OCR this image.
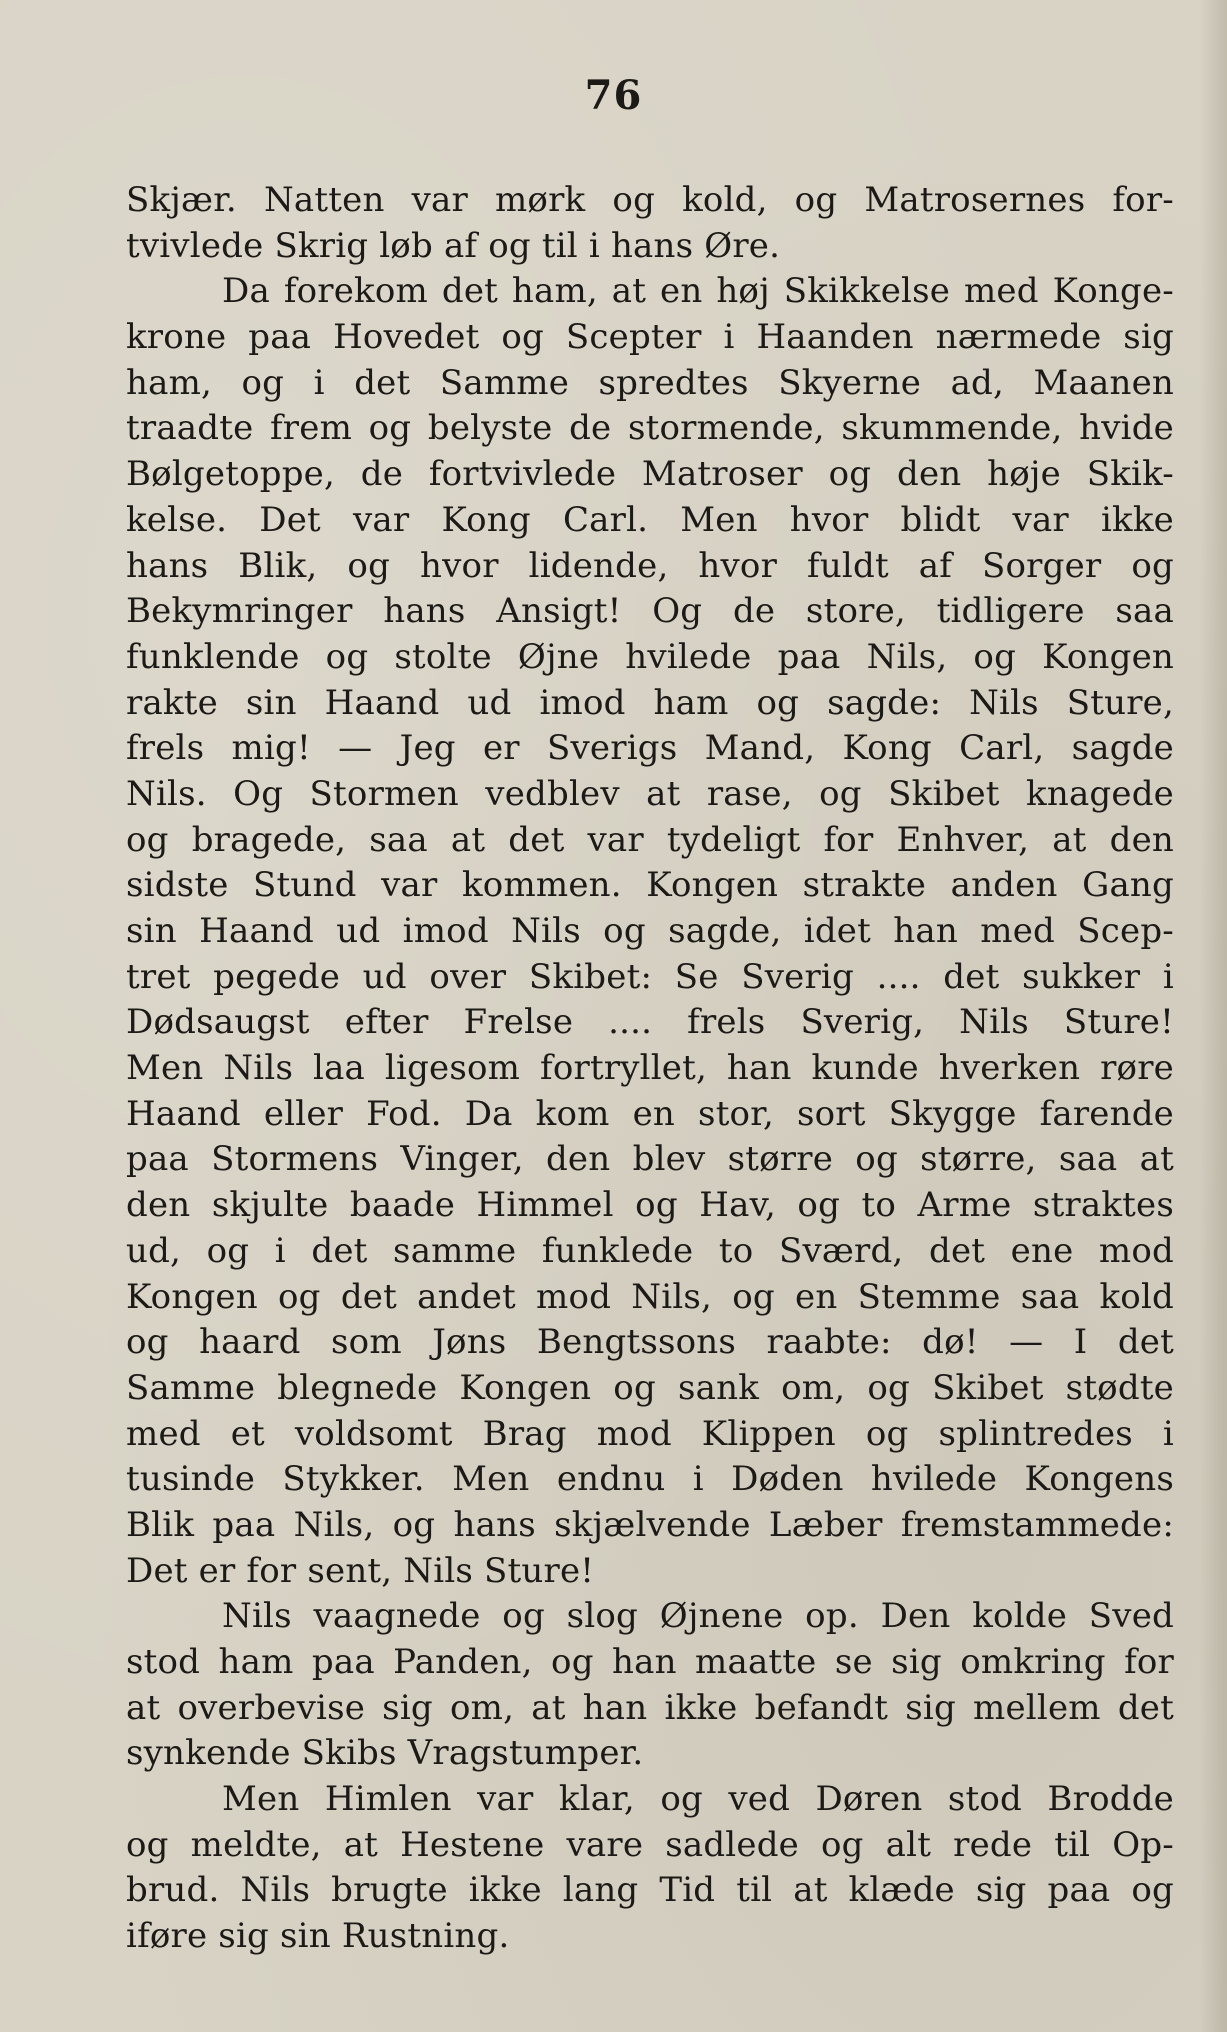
76
Skjær. Natten var mørk og kold, og Matrosernes for-
tvivlede Skrig løb af og til i hans Øre.
Da forekom det ham, at en høj Skikkelse med Konge-
krone paa Hovedet og Scepter i Haanden nærmede sig
ham, og i det Samme spredtes Skyerne ad, Maanen
traadte frem og belyste de stormende, skummende, hvide
Bølgetoppe, de fortvivlede Matroser og den høje Skik-
kelse. Det var Kong Carl. Men hvor blidt var ikke
hans Blik, og hvor lidende, hvor fuldt af Sorger og
Bekymringer hans Ansigt! Og de store, tidligere saa
funklende og stolte Øjne hvilede paa Nils, og Kongen
rakte sin Haand ud imod ham og sagde: Nils Sture,
frels mig! — Jeg er Sverigs Mand, Kong Carl, sagde
Nils. Og Stormen vedblev at rase, og Skibet knagede
og bragede, saa at det var tydeligt for Enhver, at den
sidste Stund var kommen. Kongen strakte anden Gang
sin Haand ud imod Nils og sagde, idet han med Scep-
tret pegede ud over Skibet: Se Sverig .... det sukker i
Dødsaugst efter Frelse .... frels Sverig, Nils Sture!
Men Nils laa ligesom fortryllet, han kunde hverken røre
Haand eller Fod. Da kom en stor, sort Skygge farende
paa Stormens Vinger, den blev større og større, saa at
den skjulte baade Himmel og Hav, og to Arme straktes
ud, og i det samme funklede to Sværd, det ene mod
Kongen og det andet mod Nils, og en Stemme saa kold
og haard som Jøns Bengtssons raabte: dø! — I det
Samme blegnede Kongen og sank om, og Skibet stødte
med et voldsomt Brag mod Klippen og splintredes i
tusinde Stykker. Men endnu i Døden hvilede Kongens
Blik paa Nils, og hans skjælvende Læber fremstammede:
Det er for sent, Nils Sture!
Nils vaagnede og slog Øjnene op. Den kolde Sved
stod ham paa Panden, og han maatte se sig omkring for
at overbevise sig om, at han ikke befandt sig mellem det
synkende Skibs Vragstumper.
Men Himlen var klar, og ved Døren stod Brodde
og meldte, at Hestene vare sadlede og alt rede til Op-
brud. Nils brugte ikke lang Tid til at klæde sig paa og
iføre sig sin Rustning.
